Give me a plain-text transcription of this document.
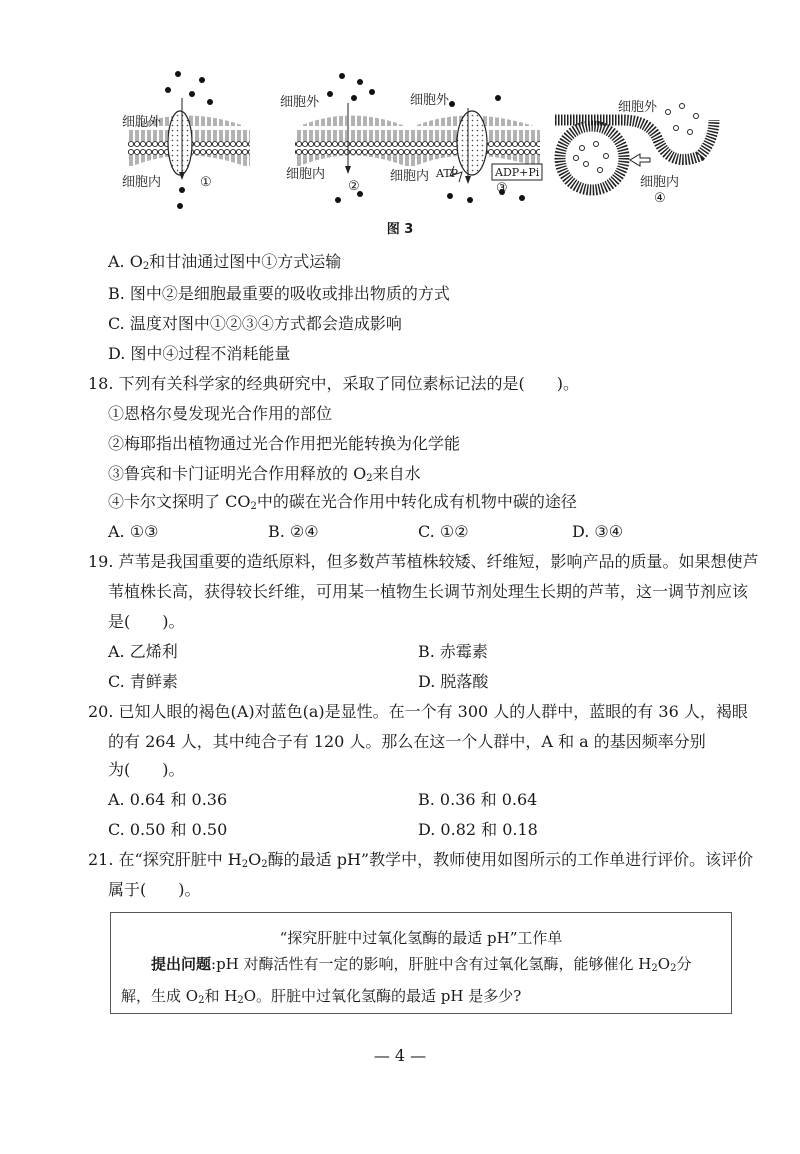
细胞外
细胞内	①
细胞外
细胞内
②
细胞外
细胞内 ATP	ADP+Pi
③
细胞外
细胞内
④
图 3
A. $O_2$和甘油通过图中①方式运输
B. 图中②是细胞最重要的吸收或排出物质的方式
C. 温度对图中①②③④方式都会造成影响
D. 图中④过程不消耗能量
18. 下列有关科学家的经典研究中，采取了同位素标记法的是(　　)。
①恩格尔曼发现光合作用的部位
②梅耶指出植物通过光合作用把光能转换为化学能
③鲁宾和卡门证明光合作用释放的 $O_2$来自水
④卡尔文探明了 $CO_2$中的碳在光合作用中转化成有机物中碳的途径
A. ①③	B. ②④	C. ①②	D. ③④
19. 芦苇是我国重要的造纸原料，但多数芦苇植株较矮、纤维短，影响产品的质量。如果想使芦
苇植株长高，获得较长纤维，可用某一植物生长调节剂处理生长期的芦苇，这一调节剂应该
是(　　)。
A. 乙烯利	B. 赤霉素
C. 青鲜素	D. 脱落酸
20. 已知人眼的褐色(A)对蓝色(a)是显性。在一个有 300 人的人群中，蓝眼的有 36 人，褐眼
的有 264 人，其中纯合子有 120 人。那么在这一个人群中，A 和 a 的基因频率分别
为(　　)。
A. 0.64 和 0.36	B. 0.36 和 0.64
C. 0.50 和 0.50	D. 0.82 和 0.18
21. 在“探究肝脏中 $H_2O_2$酶的最适 pH”教学中，教师使用如图所示的工作单进行评价。该评价
属于(　　)。
“探究肝脏中过氧化氢酶的最适 pH”工作单
提出问题:pH 对酶活性有一定的影响，肝脏中含有过氧化氢酶，能够催化 $H_2O_2$分
解，生成 $O_2$和 $H_2O$。肝脏中过氧化氢酶的最适 pH 是多少?
— 4 —
